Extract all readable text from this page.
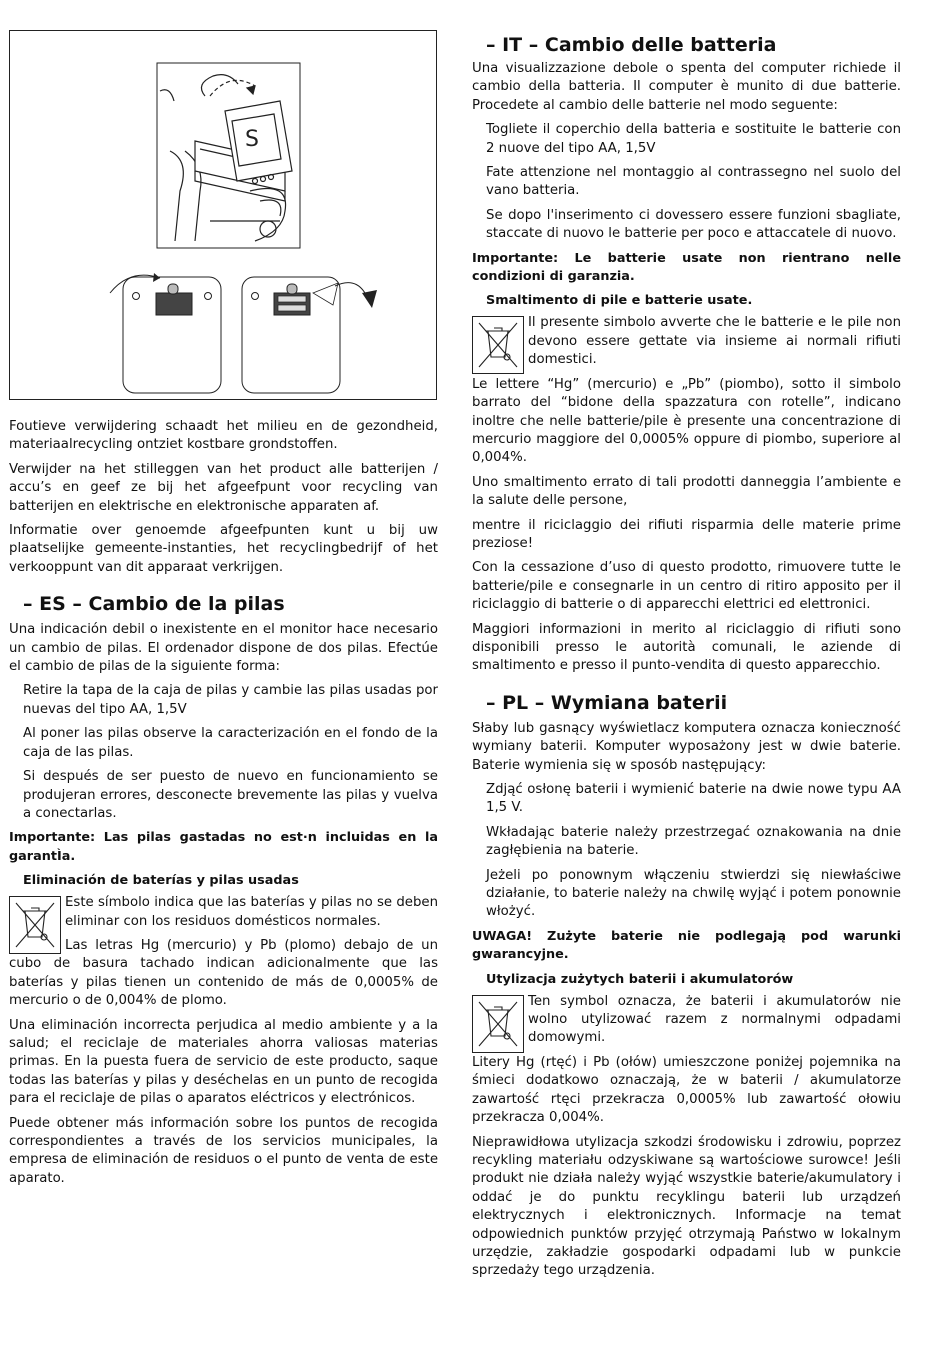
S

Foutieve verwijdering schaadt het milieu en de gezondheid, materiaalrecycling ontziet kostbare grondstoffen.

Verwijder na het stilleggen van het product alle batterijen / accu’s en geef ze bij het afgeefpunt voor recycling van batterijen en elektrische en elektronische apparaten af.

Informatie over genoemde afgeefpunten kunt u bij uw plaatselijke gemeente-instanties, het recyclingbedrijf of het verkooppunt van dit apparaat verkrijgen.

– ES – Cambio de la pilas

Una indicación debil o inexistente en el monitor hace necesario un cambio de pilas. El ordenador dispone de dos pilas. Efectúe el cambio de pilas de la siguiente forma:

Retire la tapa de la caja de pilas y cambie las pilas usadas por nuevas del tipo AA, 1,5V

Al poner las pilas observe la caracterización en el fondo de la caja de las pilas.

Si después de ser puesto de nuevo en funcionamiento se produjeran errores, desconecte brevemente las pilas y vuelva a conectarlas.

Importante: Las pilas gastadas no est·n incluidas en la garantÌa.

Eliminación de baterías y pilas usadas

Este símbolo indica que las baterías y pilas no se deben eliminar con los residuos domésticos normales.

Las letras Hg (mercurio) y Pb (plomo) debajo de un cubo de basura tachado indican adicionalmente que las baterías y pilas tienen un contenido de más de 0,0005% de mercurio o de 0,004% de plomo.

Una eliminación incorrecta perjudica al medio ambiente y a la salud; el reciclaje de materiales ahorra valiosas materias primas. En la puesta fuera de servicio de este producto, saque todas las baterías y pilas y deséchelas en un punto de recogida para el reciclaje de pilas o aparatos eléctricos y electrónicos.

Puede obtener más información sobre los puntos de recogida correspondientes a través de los servicios municipales, la empresa de eliminación de residuos o el punto de venta de este aparato.

– IT – Cambio delle batteria

Una visualizzazione debole o spenta del computer richiede il cambio della batteria. Il computer è munito di due batterie. Procedete al cambio delle batterie nel modo seguente:

Togliete il coperchio della batteria e sostituite le batterie con 2 nuove del tipo AA, 1,5V

Fate attenzione nel montaggio al contrassegno nel suolo del vano batteria.

Se dopo l'inserimento ci dovessero essere funzioni sbagliate, staccate di nuovo le batterie per poco e attaccatele di nuovo.

Importante: Le batterie usate non rientrano nelle condizioni di garanzia.

Smaltimento di pile e batterie usate.

Il presente simbolo avverte che le batterie e le pile non devono essere gettate via insieme ai normali rifiuti domestici.

Le lettere “Hg” (mercurio) e „Pb” (piombo), sotto il simbolo barrato del “bidone della spazzatura con rotelle”, indicano inoltre che nelle batterie/pile è presente una concentrazione di mercurio maggiore del 0,0005% oppure di piombo, superiore al 0,004%.

Uno smaltimento errato di tali prodotti danneggia l’ambiente e la salute delle persone,

mentre il riciclaggio dei rifiuti risparmia delle materie prime preziose!

Con la cessazione d’uso di questo prodotto, rimuovere tutte le batterie/pile e consegnarle in un centro di ritiro apposito per il riciclaggio di batterie o di apparecchi elettrici ed elettronici.

Maggiori informazioni in merito al riciclaggio di rifiuti sono disponibili presso le autorità comunali, le aziende di smaltimento e presso il punto-vendita di questo apparecchio.

– PL – Wymiana baterii

Słaby lub gasnący wyświetlacz komputera oznacza konieczność wymiany baterii. Komputer wyposażony jest w dwie baterie. Baterie wymienia się w sposób następujący:

Zdjąć osłonę baterii i wymienić baterie na dwie nowe typu AA 1,5 V.

Wkładając baterie należy przestrzegać oznakowania na dnie zagłębienia na baterie.

Jeżeli po ponownym włączeniu stwierdzi się niewłaściwe działanie, to baterie należy na chwilę wyjąć i potem ponownie włożyć.

UWAGA! Zużyte baterie nie podlegają pod warunki gwarancyjne.

Utylizacja zużytych baterii i akumulatorów

Ten symbol oznacza, że baterii i akumulatorów nie wolno utylizować razem z normalnymi odpadami domowymi.

Litery Hg (rtęć) i Pb (ołów) umieszczone poniżej pojemnika na śmieci dodatkowo oznaczają, że w baterii / akumulatorze zawartość rtęci przekracza 0,0005% lub zawartość ołowiu przekracza 0,004%.

Nieprawidłowa utylizacja szkodzi środowisku i zdrowiu, poprzez recykling materiału odzyskiwane są wartościowe surowce! Jeśli produkt nie działa należy wyjąć wszystkie baterie/akumulatory i oddać je do punktu recyklingu baterii lub urządzeń elektrycznych i elektronicznych. Informacje na temat odpowiednich punktów przyjęć otrzymają Państwo w lokalnym urzędzie, zakładzie gospodarki odpadami lub w punkcie sprzedaży tego urządzenia.
